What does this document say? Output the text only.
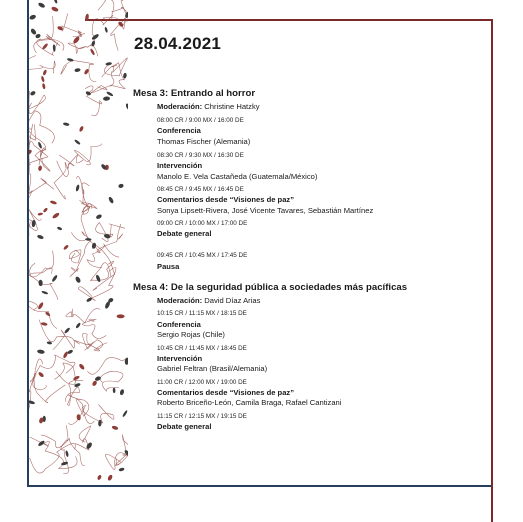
28.04.2021
Mesa 3: Entrando al horror
Moderación: Christine Hatzky
08:00 CR / 9:00 MX / 16:00 DE
Conferencia
Thomas Fischer (Alemania)
08:30 CR / 9:30 MX / 16:30 DE
Intervención
Manolo E. Vela Castañeda (Guatemala/México)
08:45 CR / 9:45 MX / 16:45 DE
Comentarios desde “Visiones de paz”
Sonya Lipsett-Rivera, José Vicente Tavares, Sebastián Martínez
09:00 CR / 10:00 MX / 17:00 DE
Debate general
09:45 CR / 10:45 MX / 17:45 DE
Pausa
Mesa 4: De la seguridad pública a sociedades más pacíficas
Moderación: David Díaz Arias
10:15 CR / 11:15 MX / 18:15 DE
Conferencia
Sergio Rojas (Chile)
10:45 CR / 11:45 MX / 18:45 DE
Intervención
Gabriel Feltran (Brasil/Alemania)
11:00 CR / 12:00 MX / 19:00 DE
Comentarios desde “Visiones de paz”
Roberto Briceño-León, Camila Braga, Rafael Cantizani
11:15 CR / 12:15 MX / 19:15 DE
Debate general
